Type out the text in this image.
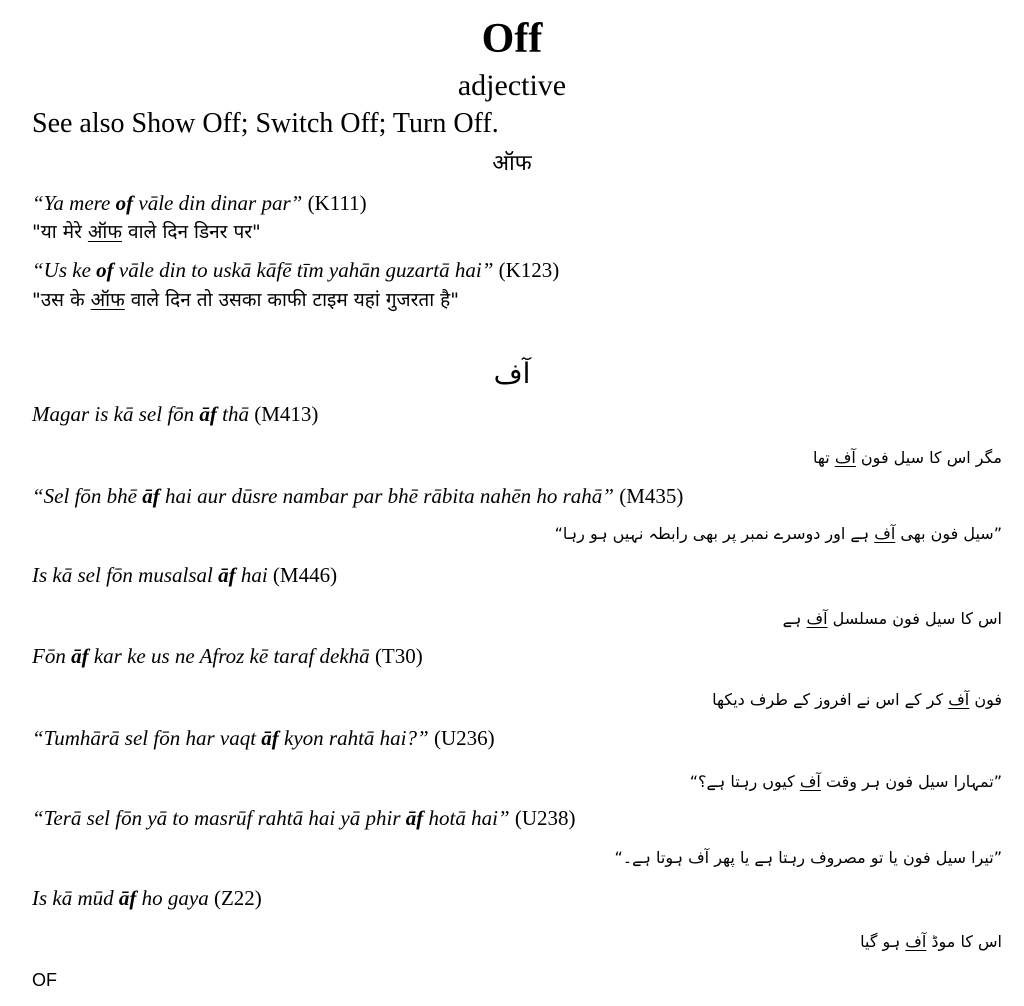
Off
adjective
See also Show Off; Switch Off; Turn Off.
ऑफ
“Ya mere of vāle din dinar par” (K111)
"या मेरे ऑफ वाले दिन डिनर पर"
“Us ke of vāle din to uskā kāfē tīm yahān guzartā hai” (K123)
"उस के ऑफ वाले दिन तो उसका काफी टाइम यहां गुजरता है"
آف
Magar is kā sel fōn āf thā (M413)
مگر اس کا سیل فون آف تھا
“Sel fōn bhē āf hai aur dūsre nambar par bhē rābita nahēn ho rahā” (M435)
”سیل فون بھی آف ہے اور دوسرے نمبر پر بھی رابطہ نہیں ہو رہا“
Is kā sel fōn musalsal āf hai (M446)
اس کا سیل فون مسلسل آف ہے
Fōn āf kar ke us ne Afroz kē taraf dekhā (T30)
فون آف کر کے اس نے افروز کے طرف دیکھا
“Tumhārā sel fōn har vaqt āf kyon rahtā hai?” (U236)
”تمہارا سیل فون ہر وقت آف کیوں رہتا ہے؟“
“Terā sel fōn yā to masrūf rahtā hai yā phir āf hotā hai” (U238)
”تیرا سیل فون یا تو مصروف رہتا ہے یا پھر آف ہوتا ہے۔“
Is kā mūd āf ho gaya (Z22)
اس کا موڈ آف ہو گیا
OF
